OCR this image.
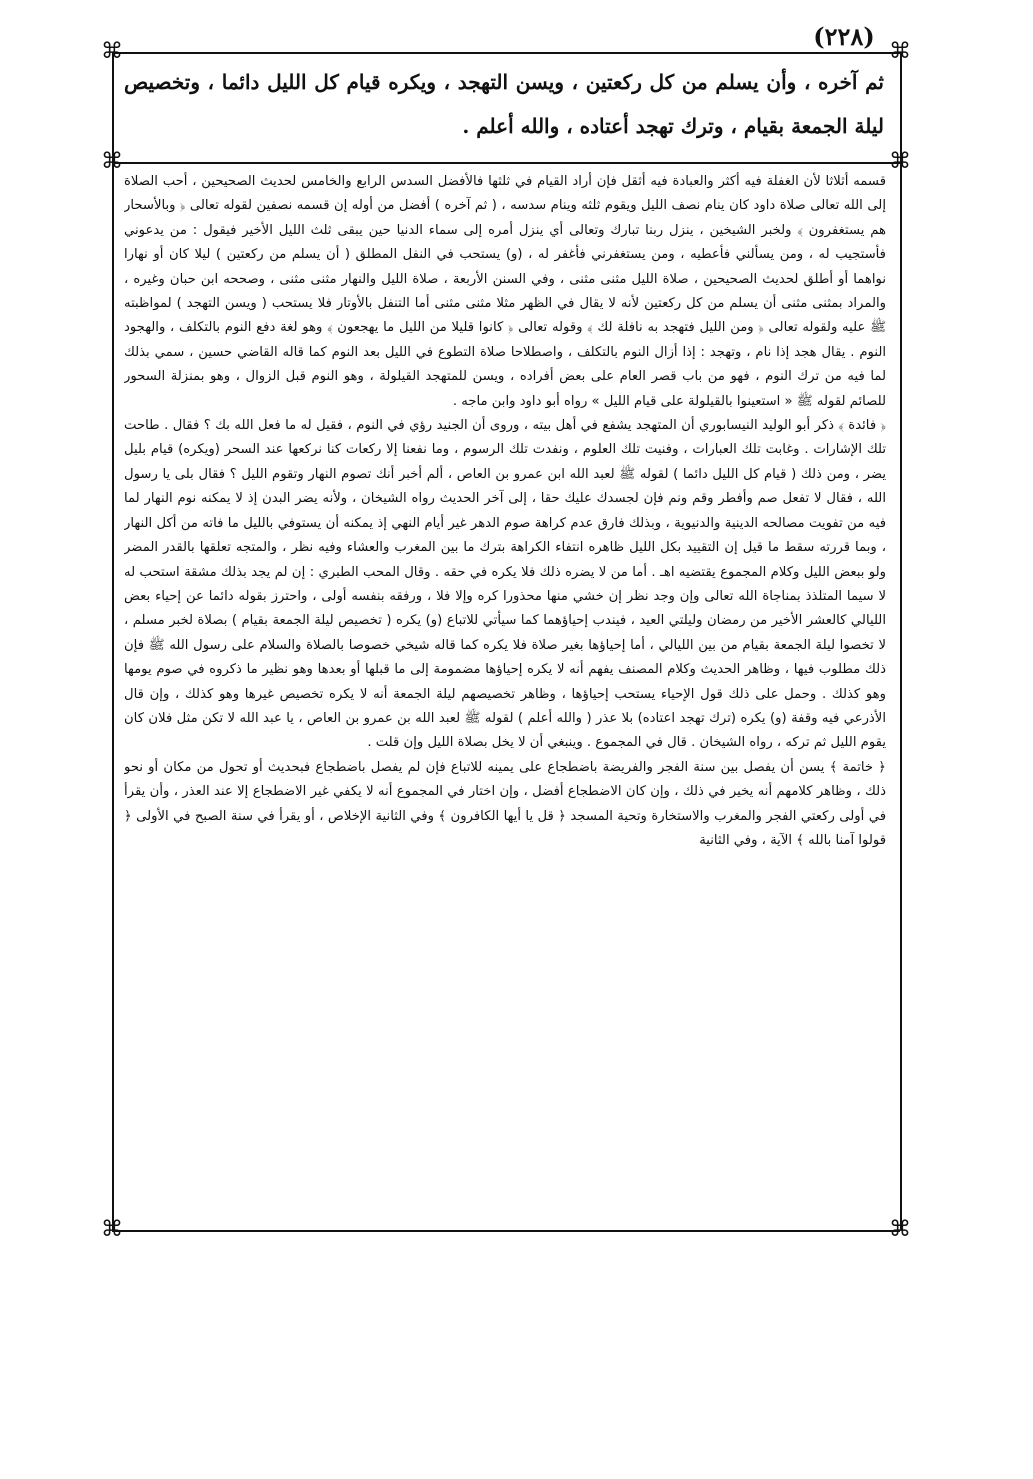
(٢٢٨)
⌘	⌘
⌘	⌘
⌘	⌘
ثم آخره ، وأن يسلم من كل ركعتين ، ويسن التهجد ، ويكره قيام كل الليل دائما ، وتخصيص ليلة الجمعة بقيام ، وترك تهجد أعتاده ، والله أعلم .

قسمه أثلاثا لأن الغفلة فيه أكثر والعبادة فيه أثقل فإن أراد القيام في ثلثها فالأفضل السدس الرابع والخامس لحديث الصحيحين ، أحب الصلاة إلى الله تعالى صلاة داود كان ينام نصف الليل ويقوم ثلثه وينام سدسه ، ( ثم آخره ) أفضل من أوله إن قسمه نصفين لقوله تعالى ﴿ وبالأسحار هم يستغفرون ﴾ ولخبر الشيخين ، ينزل ربنا تبارك وتعالى أي ينزل أمره إلى سماء الدنيا حين يبقى ثلث الليل الأخير فيقول : من يدعوني فأستجيب له ، ومن يسألني فأعطيه ، ومن يستغفرني فأغفر له ، (و) يستحب في النفل المطلق ( أن يسلم من ركعتين ) ليلا كان أو نهارا نواهما أو أطلق لحديث الصحيحين ، صلاة الليل مثنى مثنى ، وفي السنن الأربعة ، صلاة الليل والنهار مثنى مثنى ، وصححه ابن حبان وغيره ، والمراد بمثنى مثنى أن يسلم من كل ركعتين لأنه لا يقال في الظهر مثلا مثنى مثنى أما التنفل بالأوتار فلا يستحب ( ويسن التهجد ) لمواظبته ﷺ عليه ولقوله تعالى ﴿ ومن الليل فتهجد به نافلة لك ﴾ وقوله تعالى ﴿ كانوا قليلا من الليل ما يهجعون ﴾ وهو لغة دفع النوم بالتكلف ، والهجود النوم . يقال هجد إذا نام ، وتهجد : إذا أزال النوم بالتكلف ، واصطلاحا صلاة التطوع في الليل بعد النوم كما قاله القاضي حسين ، سمي بذلك لما فيه من ترك النوم ، فهو من باب قصر العام على بعض أفراده ، ويسن للمتهجد القيلولة ، وهو النوم قبل الزوال ، وهو بمنزلة السحور للصائم لقوله ﷺ « استعينوا بالقيلولة على قيام الليل » رواه أبو داود وابن ماجه .

﴿ فائدة ﴾ ذكر أبو الوليد النيسابوري أن المتهجد يشفع في أهل بيته ، وروى أن الجنيد رؤي في النوم ، فقيل له ما فعل الله بك ؟ فقال . طاحت تلك الإشارات . وغابت تلك العبارات ، وفنيت تلك العلوم ، ونفدت تلك الرسوم ، وما نفعنا إلا ركعات كنا نركعها عند السحر (ويكره) قيام بليل يضر ، ومن ذلك ( قيام كل الليل دائما ) لقوله ﷺ لعبد الله ابن عمرو بن العاص ، ألم أخبر أنك تصوم النهار وتقوم الليل ؟ فقال بلى يا رسول الله ، فقال لا تفعل صم وأفطر وقم ونم فإن لجسدك عليك حقا ، إلى آخر الحديث رواه الشيخان ، ولأنه يضر البدن إذ لا يمكنه نوم النهار لما فيه من تفويت مصالحه الدينية والدنيوية ، وبذلك فارق عدم كراهة صوم الدهر غير أيام النهي إذ يمكنه أن يستوفي بالليل ما فاته من أكل النهار ، وبما قررته سقط ما قيل إن التقييد بكل الليل ظاهره انتفاء الكراهة بترك ما بين المغرب والعشاء وفيه نظر ، والمتجه تعلقها بالقدر المضر ولو ببعض الليل وكلام المجموع يقتضيه اهـ . أما من لا يضره ذلك فلا يكره في حقه . وقال المحب الطبري : إن لم يجد بذلك مشقة استحب له لا سيما المتلذذ بمناجاة الله تعالى وإن وجد نظر إن خشي منها محذورا كره وإلا فلا ، ورفقه بنفسه أولى ، واحترز بقوله دائما عن إحياء بعض الليالي كالعشر الأخير من رمضان وليلتي العيد ، فيندب إحياؤهما كما سيأتي للاتباع (و) يكره ( تخصيص ليلة الجمعة بقيام ) بصلاة لخبر مسلم ، لا تخصوا ليلة الجمعة بقيام من بين الليالي ، أما إحياؤها بغير صلاة فلا يكره كما قاله شيخي خصوصا بالصلاة والسلام على رسول الله ﷺ فإن ذلك مطلوب فيها ، وظاهر الحديث وكلام المصنف يفهم أنه لا يكره إحياؤها مضمومة إلى ما قبلها أو بعدها وهو نظير ما ذكروه في صوم يومها وهو كذلك . وحمل على ذلك قول الإحياء يستحب إحياؤها ، وظاهر تخصيصهم ليلة الجمعة أنه لا يكره تخصيص غيرها وهو كذلك ، وإن قال الأذرعي فيه وقفة (و) يكره (ترك تهجد اعتاده) بلا عذر ( والله أعلم ) لقوله ﷺ لعبد الله بن عمرو بن العاص ، يا عبد الله لا تكن مثل فلان كان يقوم الليل ثم تركه ، رواه الشيخان . قال في المجموع . وينبغي أن لا يخل بصلاة الليل وإن قلت .

﴿ خاتمة ﴾ يسن أن يفصل بين سنة الفجر والفريضة باضطجاع على يمينه للاتباع فإن لم يفصل باضطجاع فبحديث أو تحول من مكان أو نحو ذلك ، وظاهر كلامهم أنه يخير في ذلك ، وإن كان الاضطجاع أفضل ، وإن اختار في المجموع أنه لا يكفي غير الاضطجاع إلا عند العذر ، وأن يقرأ في أولى ركعتي الفجر والمغرب والاستخارة وتحية المسجد ﴿ قل يا أيها الكافرون ﴾ وفي الثانية الإخلاص ، أو يقرأ في سنة الصبح في الأولى ﴿ قولوا آمنا بالله ﴾ الآية ، وفي الثانية
